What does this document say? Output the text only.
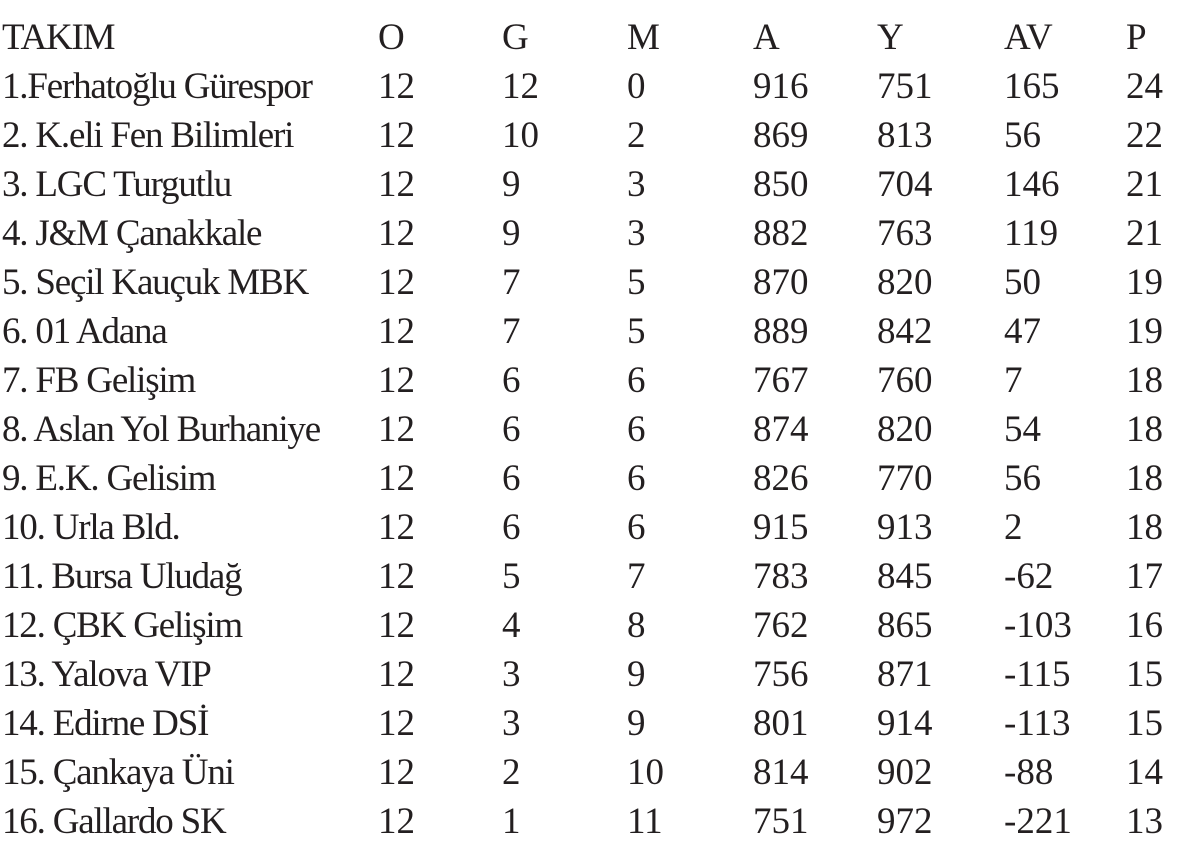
TAKIM	O	G	M	A	Y	AV P
1.Ferhatoğlu Gürespor 12 12 0	916 751 165 24
2. K.eli Fen Bilimleri 12 10 2	869 813 56 22
3. LGC Turgutlu	12 9	3	850 704 146 21
4. J&M Çanakkale	12 9	3	882 763 119 21
5. Seçil Kauçuk MBK 12 7	5	870 820 50 19
6. 01 Adana	12 7	5	889 842 47 19
7. FB Gelişim	12 6	6	767 760 7	18
8. Aslan Yol Burhaniye 12 6	6	874 820 54 18
9. E.K. Gelisim	12 6	6	826 770 56 18
10. Urla Bld.	12 6	6	915 913 2	18
11. Bursa Uludağ	12 5	7	783 845 -62 17
12. ÇBK Gelişim	12 4	8	762 865 -103 16
13. Yalova VIP	12 3	9	756 871 -115 15
14. Edirne DSİ	12 3	9	801 914 -113 15
15. Çankaya Üni	12 2	10 814 902 -88 14
16. Gallardo SK	12 1	11 751 972 -221 13
